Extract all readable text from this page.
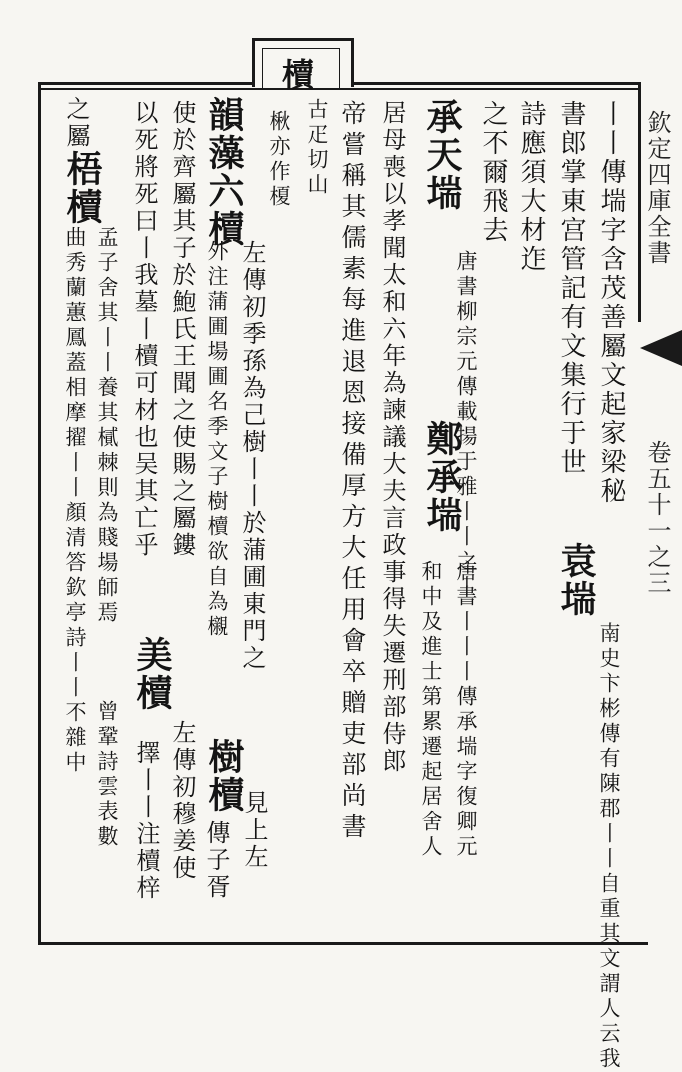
欽定四庫全書
卷五十一之三
丨丨傳㙐字含茂善屬文起家梁秘
書郎掌東宫管記有文集行于世
袁㙐
南史卞彬傳有陳郡丨丨自重其文謂人云我
詩應須大材迮
之不爾飛去
承天㙐
唐書柳宗元傳載揚于雅丨丨之丨
鄭承㙐
唐書丨丨丨傳承㙐字復卿元
和中及進士第累遷起居舍人
居母喪以孝聞太和六年為諫議大夫言政事得失遷刑部侍郎
帝嘗稱其儒素每進退恩接備厚方大任用會卒贈吏部尚書
櫝
古疋切山
楸亦作榎
韻藻六櫝
左傳初季孫為己樹丨丨於蒲圃東門之
外注蒲圃場圃名季文子樹櫝欲自為櫬
樹櫝
見上左
使於齊屬其子於鮑氏王聞之使賜之屬鏤
傳子胥
以死將死曰丨我墓丨櫝可材也吴其亡乎
美櫝
左傳初穆姜使
擇丨丨注櫝梓
之屬
梧櫝
孟子舍其丨丨養其樲棘則為賤場師焉
曲秀蘭蕙鳳蓋相摩擢丨丨顏清答欽亭詩丨丨不雜中 曾鞏詩雲表數
